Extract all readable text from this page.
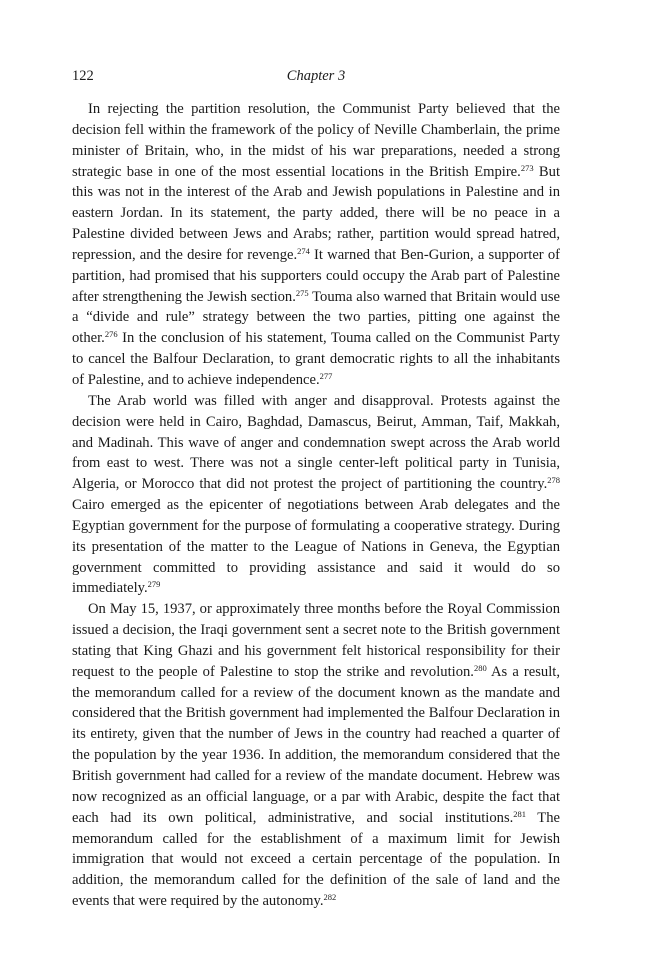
122	Chapter 3

In rejecting the partition resolution, the Communist Party believed that the decision fell within the framework of the policy of Neville Chamberlain, the prime minister of Britain, who, in the midst of his war preparations, needed a strong strategic base in one of the most essential locations in the British Empire.$^{273}$ But this was not in the interest of the Arab and Jewish populations in Palestine and in eastern Jordan. In its statement, the party added, there will be no peace in a Palestine divided between Jews and Arabs; rather, partition would spread hatred, repression, and the desire for revenge.$^{274}$ It warned that Ben-Gurion, a supporter of partition, had promised that his supporters could occupy the Arab part of Palestine after strengthening the Jewish section.$^{275}$ Touma also warned that Britain would use a “divide and rule” strategy between the two parties, pitting one against the other.$^{276}$ In the conclusion of his statement, Touma called on the Communist Party to cancel the Balfour Declaration, to grant democratic rights to all the inhabitants of Palestine, and to achieve independence.$^{277}$

The Arab world was filled with anger and disapproval. Protests against the decision were held in Cairo, Baghdad, Damascus, Beirut, Amman, Taif, Makkah, and Madinah. This wave of anger and condemnation swept across the Arab world from east to west. There was not a single center-left political party in Tunisia, Algeria, or Morocco that did not protest the project of partitioning the country.$^{278}$ Cairo emerged as the epicenter of negotiations between Arab delegates and the Egyptian government for the purpose of formulating a cooperative strategy. During its presentation of the matter to the League of Nations in Geneva, the Egyptian government committed to providing assistance and said it would do so immediately.$^{279}$

On May 15, 1937, or approximately three months before the Royal Commission issued a decision, the Iraqi government sent a secret note to the British government stating that King Ghazi and his government felt historical responsibility for their request to the people of Palestine to stop the strike and revolution.$^{280}$ As a result, the memorandum called for a review of the document known as the mandate and considered that the British government had implemented the Balfour Declaration in its entirety, given that the number of Jews in the country had reached a quarter of the population by the year 1936. In addition, the memorandum considered that the British government had called for a review of the mandate document. Hebrew was now recognized as an official language, or a par with Arabic, despite the fact that each had its own political, administrative, and social institutions.$^{281}$ The memorandum called for the establishment of a maximum limit for Jewish immigration that would not exceed a certain percentage of the population. In addition, the memorandum called for the definition of the sale of land and the events that were required by the autonomy.$^{282}$
